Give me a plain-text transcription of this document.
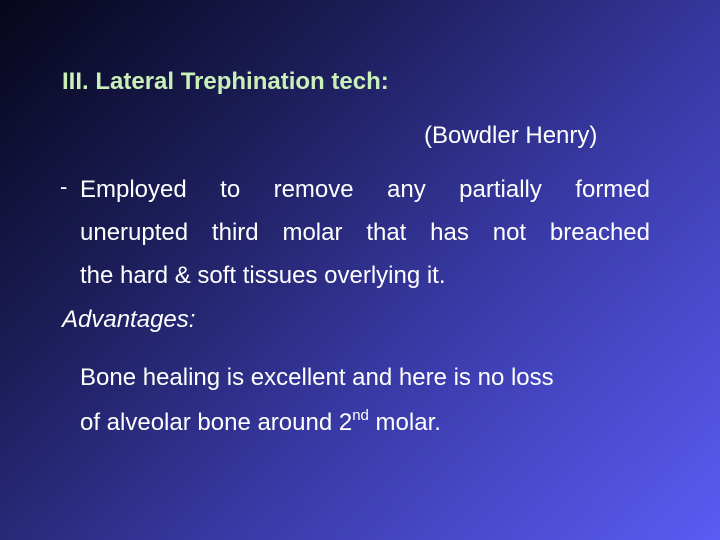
III. Lateral Trephination tech:
(Bowdler Henry)
- Employed to remove any partially formed
unerupted third molar that has not breached
the hard & soft tissues overlying it.
Advantages:
Bone healing is excellent and here is no loss
of alveolar bone around 2nd molar.
